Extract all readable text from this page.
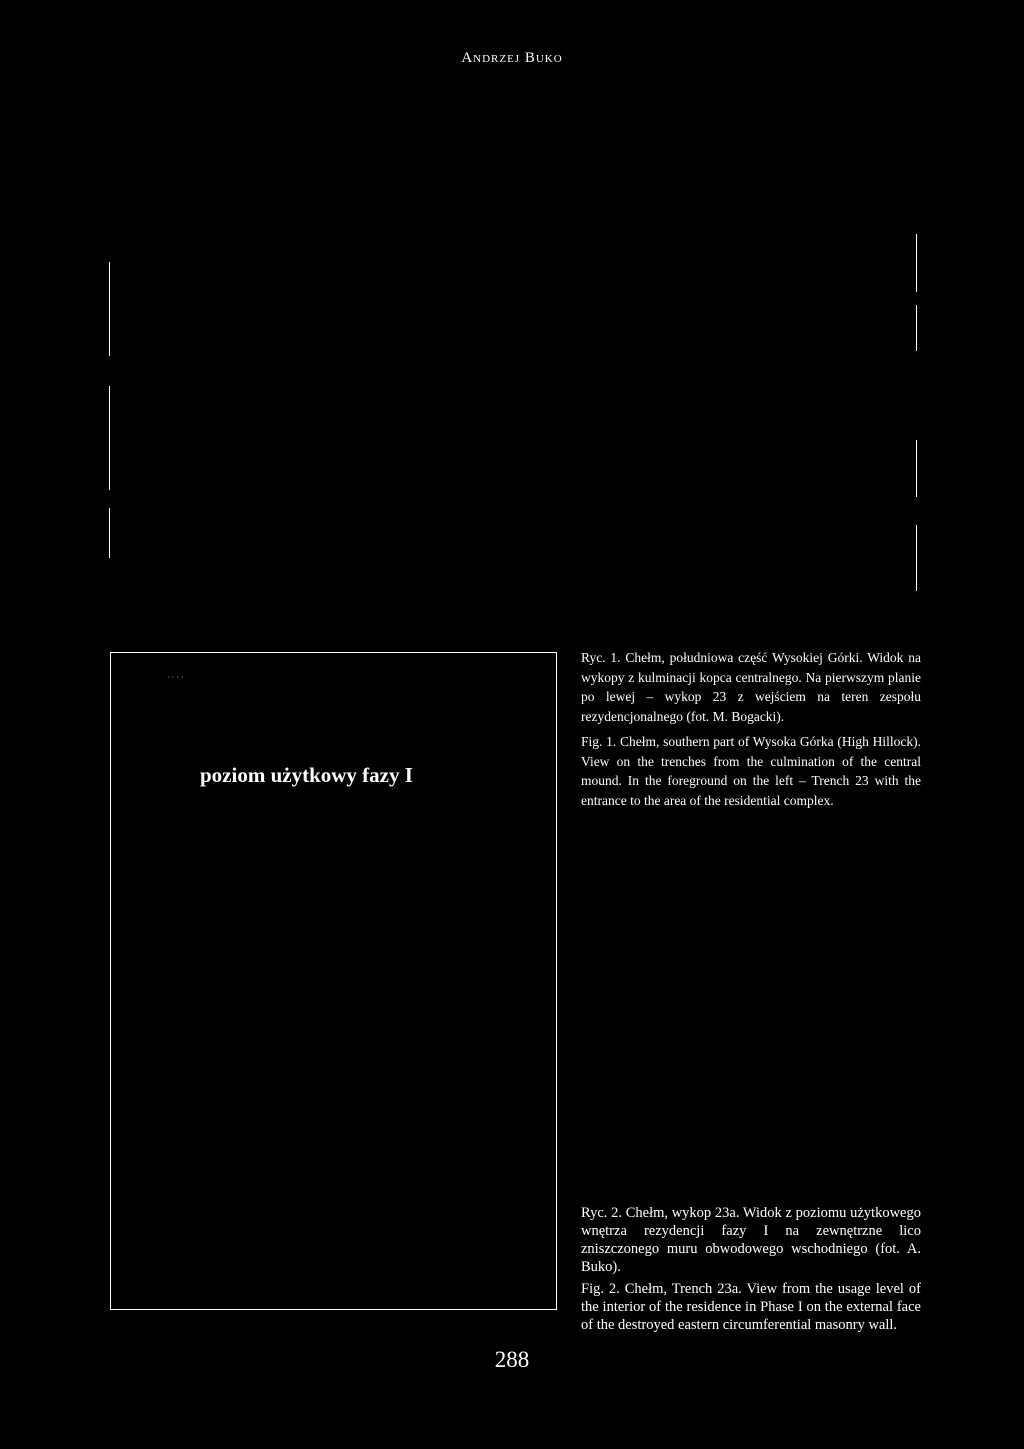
Andrzej Buko
· · · ·
poziom użytkowy fazy I

Ryc. 1. Chełm, południowa część Wysokiej Górki. Widok na wykopy z kulminacji kopca centralnego. Na pierwszym planie po lewej – wykop 23 z wejściem na teren zespołu rezydencjonalnego (fot. M. Bogacki).

Fig. 1. Chełm, southern part of Wysoka Górka (High Hillock). View on the trenches from the culmination of the central mound. In the foreground on the left – Trench 23 with the entrance to the area of the residential complex.

Ryc. 2. Chełm, wykop 23a. Widok z poziomu użytkowego wnętrza rezydencji fazy I na zewnętrzne lico zniszczonego muru obwodowego wschodniego (fot. A. Buko).

Fig. 2. Chełm, Trench 23a. View from the usage level of the interior of the residence in Phase I on the external face of the destroyed eastern circumferential masonry wall.

288
